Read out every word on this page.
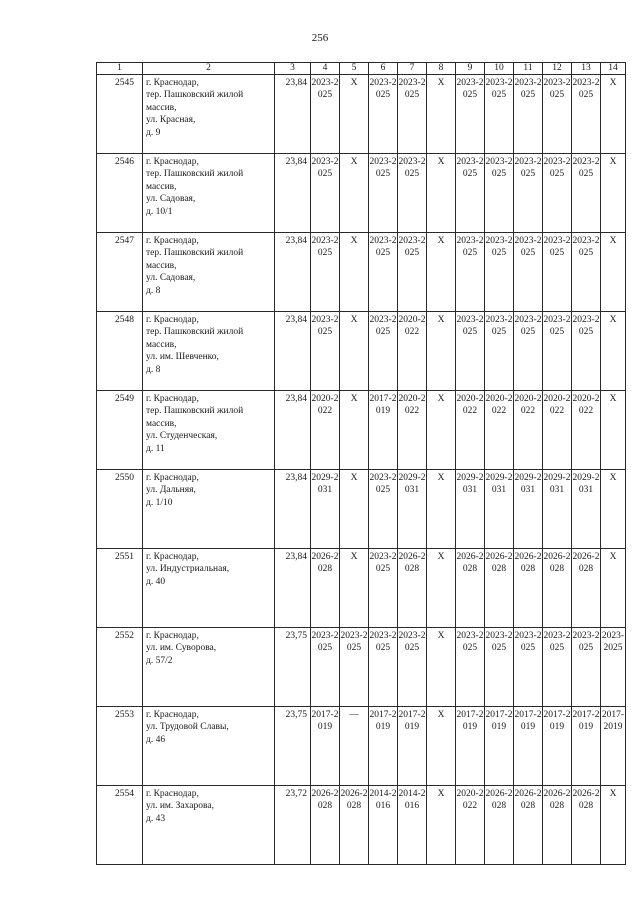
256
1	2	3	4	5	6	7	8	9	10	11	12	13	14
2545	г. Краснодар,
тер. Пашковский жилой
массив,
ул. Красная,
д. 9	23,84	2023-2025	X	2023-2025	2023-2025	X	2023-2025	2023-2025	2023-2025	2023-2025	2023-2025	X

2546	г. Краснодар,
тер. Пашковский жилой
массив,
ул. Садовая,
д. 10/1	23,84	2023-2025	X	2023-2025	2023-2025	X	2023-2025	2023-2025	2023-2025	2023-2025	2023-2025	X

2547	г. Краснодар,
тер. Пашковский жилой
массив,
ул. Садовая,
д. 8	23,84	2023-2025	X	2023-2025	2023-2025	X	2023-2025	2023-2025	2023-2025	2023-2025	2023-2025	X

2548	г. Краснодар,
тер. Пашковский жилой
массив,
ул. им. Шевченко,
д. 8	23,84	2023-2025	X	2023-2025	2020-2022	X	2023-2025	2023-2025	2023-2025	2023-2025	2023-2025	X

2549	г. Краснодар,
тер. Пашковский жилой
массив,
ул. Студенческая,
д. 11	23,84	2020-2022	X	2017-2019	2020-2022	X	2020-2022	2020-2022	2020-2022	2020-2022	2020-2022	X

2550	г. Краснодар,
ул. Дальняя,
д. 1/10	23,84	2029-2031	X	2023-2025	2029-2031	X	2029-2031	2029-2031	2029-2031	2029-2031	2029-2031	X

2551	г. Краснодар,
ул. Индустриальная,
д. 40	23,84	2026-2028	X	2023-2025	2026-2028	X	2026-2028	2026-2028	2026-2028	2026-2028	2026-2028	X

2552	г. Краснодар,
ул. им. Суворова,
д. 57/2	23,75	2023-2025	2023-2025	2023-2025	2023-2025	X	2023-2025	2023-2025	2023-2025	2023-2025	2023-2025	2023-2025

2553	г. Краснодар,
ул. Трудовой Славы,
д. 46	23,75	2017-2019	—	2017-2019	2017-2019	X	2017-2019	2017-2019	2017-2019	2017-2019	2017-2019	2017-2019

2554	г. Краснодар,
ул. им. Захарова,
д. 43	23,72	2026-2028	2026-2028	2014-2016	2014-2016	X	2020-2022	2026-2028	2026-2028	2026-2028	2026-2028	X
